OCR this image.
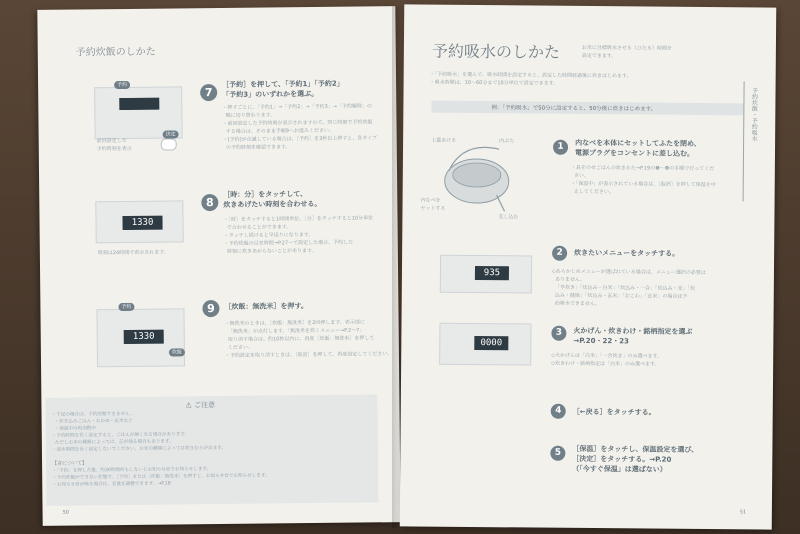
予約炊飯のしかた

予約
決定
前回設定した
予約時刻を表示
7
［予約］を押して、「予約1」「予約2」
「予約3」のいずれかを選ぶ。
・押すごとに、「予約1」→「予約2」→「予約3」→「予約解除」の
順に切り替わります。
・前回設定した予約時刻が表示されますので、同じ時刻で予約炊飯
する場合は、そのまま手順9へお進みください。
・[予約]が点滅している場合は、［予約］を3秒以上押すと、各タイプ
の予約時刻を確認できます。
1330
時刻は24時間で表示されます。
8
［時：分］をタッチして、
炊きあげたい時刻を合わせる。
・［時］をタッチすると1時間単位、［分］をタッチすると10分単位
で合わせることができます。
・タッチし続けると早送りになります。
・予約炊飯の目安時間→P.27〜で設定した場合、予約した
時刻に炊きあがらないことがあります。
1330
予約
炊飯
9	［炊飯：無洗米］を押す。
・無洗米のときは、［炊飯：無洗米］を2回押します。表示部に
「無洗米」が点灯します。「無洗米を炊くメニュー→P.2〜7」
取り消す場合は、約10秒以内に、再度［炊飯：無洗米］を押して
ください。
・予約設定を取り消すときは、［取消］を押して、再度設定してください。
⚠ ご注意
・下記の場合は、予約炊飯できません。
・炊き込みごはん・おかゆ・玄米など
・保温中の再加熱中
・予約時間を長く設定すると、ごはんが硬くなる場合があります。
ただしお米の種類によっては、芯が残る場合もあります。
・浸水時間を長く設定しないでください。お米の種類によっては炊きむらが出ます。
【音について】
・「予約」を押した後、約30秒間何もしないとお知らせ音でお知らせします。
・予約炊飯ができない状態で、［予約］または［炊飯：無洗米］を押すと、お知らせ音でお知らせします。
・お知らせ音が鳴る場合は、音量を調整できます。→P.18
50
予約吸水のしかた	お米に目標吸水させる（ひたる）時間を
設定できます。
・「予約吸水」を選んで、吸水時間を設定すると、設定した時間経過後に炊きはじめます。
・吸水時間は、10〜60分まで10分単位で設定できます。
例：「予約吸水」で50分に設定すると、50分後に炊きはじめます。	予約炊飯・予約吸水
上蓋あける	内ぶた
内なべを
セットする
差し込む
1	内なべを本体にセットしてふたを閉め、
電源プラグをコンセントに差し込む。
・具をのせごはんの炊きかた→P.19の❶〜❹の手順で行ってくだ
さい。
・「保温中」が表示されている場合は、［取消］を押して保温を中
止してください。
935
2	炊きたいメニューをタッチする。
◇あらかじめメニューが選ばれている場合は、メニュー選択の必要は
ありません。
「早炊き」「炊込み・白米」「炊込み・一合」「炊込み・麦」「炊
込み・健康」「炊込み・玄米」「おこわ」「玄米」の場合は予
約吸水できません。
0000
3	火かげん・炊きわけ・銘柄指定を選ぶ
→P.20・22・23
◇火かげんは「白米」「一合炊き」のみ選べます。
◇炊きわけ・銘柄指定は「白米」のみ選べます。
4	［←戻る］をタッチする。
5	［保温］をタッチし、保温設定を選び、
［決定］をタッチする。→P.20
（「今すぐ保温」は選ばない）
51
